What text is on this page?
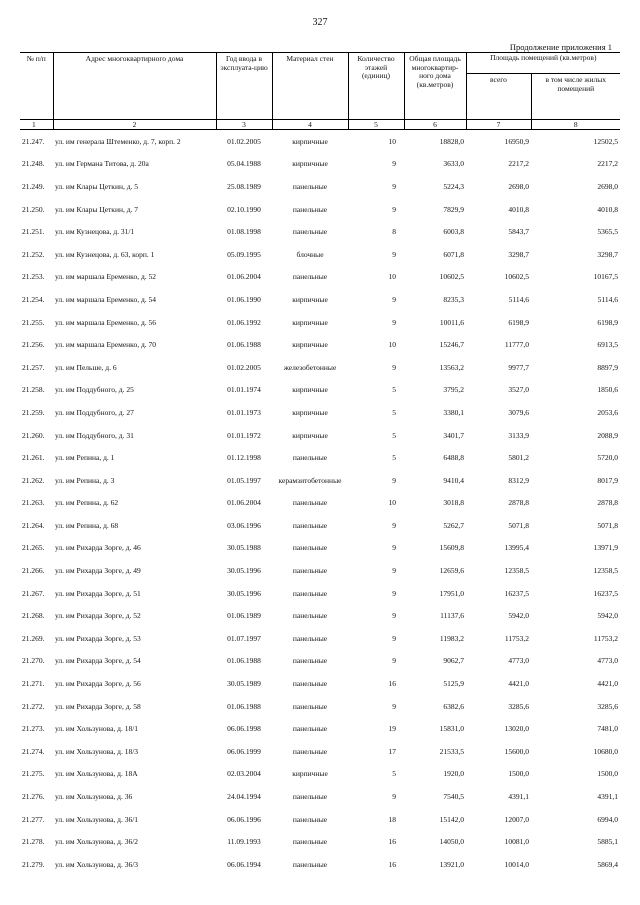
327
Продолжение приложения 1
№ п/п	Адрес многоквартирного дома	Год ввода в эксплуата-цию	Материал стен	Количество этажей (единиц)	Общая площадь многоквартир-ного дома (кв.метров)	Площадь помещений (кв.метров)	
						всего	в том числе жилых помещений
1	2	3	4	5	6	7	8
21.247.	ул. им генерала Штеменко, д. 7, корп. 2	01.02.2005	кирпичные	10	18828,0	16950,9	12502,5
21.248.	ул. им Германа Титова, д. 20а	05.04.1988	кирпичные	9	3633,0	2217,2	2217,2
21.249.	ул. им Клары Цеткин, д. 5	25.08.1989	панельные	9	5224,3	2698,0	2698,0
21.250.	ул. им Клары Цеткин, д. 7	02.10.1990	панельные	9	7829,9	4010,8	4010,8
21.251.	ул. им Кузнецова, д. 31/1	01.08.1998	панельные	8	6003,8	5843,7	5365,5
21.252.	ул. им Кузнецова, д. 63, корп. 1	05.09.1995	блочные	9	6071,8	3298,7	3298,7
21.253.	ул. им маршала Еременко, д. 52	01.06.2004	панельные	10	10602,5	10602,5	10167,5
21.254.	ул. им маршала Еременко, д. 54	01.06.1990	кирпичные	9	8235,3	5114,6	5114,6
21.255.	ул. им маршала Еременко, д. 56	01.06.1992	кирпичные	9	10011,6	6198,9	6198,9
21.256.	ул. им маршала Еременко, д. 70	01.06.1988	кирпичные	10	15246,7	11777,0	6913,5
21.257.	ул. им Пельше, д. 6	01.02.2005	железобетонные	9	13563,2	9977,7	8897,9
21.258.	ул. им Поддубного, д. 25	01.01.1974	кирпичные	5	3795,2	3527,0	1850,6
21.259.	ул. им Поддубного, д. 27	01.01.1973	кирпичные	5	3380,1	3079,6	2053,6
21.260.	ул. им Поддубного, д. 31	01.01.1972	кирпичные	5	3401,7	3133,9	2088,9
21.261.	ул. им Репина, д. 1	01.12.1998	панельные	5	6488,8	5801,2	5720,0
21.262.	ул. им Репина, д. 3	01.05.1997	керамзитобетонные	9	9410,4	8312,9	8017,9
21.263.	ул. им Репина, д. 62	01.06.2004	панельные	10	3018,8	2878,8	2878,8
21.264.	ул. им Репина, д. 68	03.06.1996	панельные	9	5262,7	5071,8	5071,8
21.265.	ул. им Рихарда Зорге, д. 46	30.05.1988	панельные	9	15609,8	13995,4	13971,9
21.266.	ул. им Рихарда Зорге, д. 49	30.05.1996	панельные	9	12659,6	12358,5	12358,5
21.267.	ул. им Рихарда Зорге, д. 51	30.05.1996	панельные	9	17951,0	16237,5	16237,5
21.268.	ул. им Рихарда Зорге, д. 52	01.06.1989	панельные	9	11137,6	5942,0	5942,0
21.269.	ул. им Рихарда Зорге, д. 53	01.07.1997	панельные	9	11983,2	11753,2	11753,2
21.270.	ул. им Рихарда Зорге, д. 54	01.06.1988	панельные	9	9062,7	4773,0	4773,0
21.271.	ул. им Рихарда Зорге, д. 56	30.05.1989	панельные	16	5125,9	4421,0	4421,0
21.272.	ул. им Рихарда Зорге, д. 58	01.06.1988	панельные	9	6382,6	3285,6	3285,6
21.273.	ул. им Хользунова, д. 18/1	06.06.1998	панельные	19	15831,0	13020,0	7481,0
21.274.	ул. им Хользунова, д. 18/3	06.06.1999	панельные	17	21533,5	15600,0	10680,0
21.275.	ул. им Хользунова, д. 18А	02.03.2004	кирпичные	5	1920,0	1500,0	1500,0
21.276.	ул. им Хользунова, д. 36	24.04.1994	панельные	9	7540,5	4391,1	4391,1
21.277.	ул. им Хользунова, д. 36/1	06.06.1996	панельные	18	15142,0	12007,0	6994,0
21.278.	ул. им Хользунова, д. 36/2	11.09.1993	панельные	16	14050,0	10081,0	5885,1
21.279.	ул. им Хользунова, д. 36/3	06.06.1994	панельные	16	13921,0	10014,0	5869,4
